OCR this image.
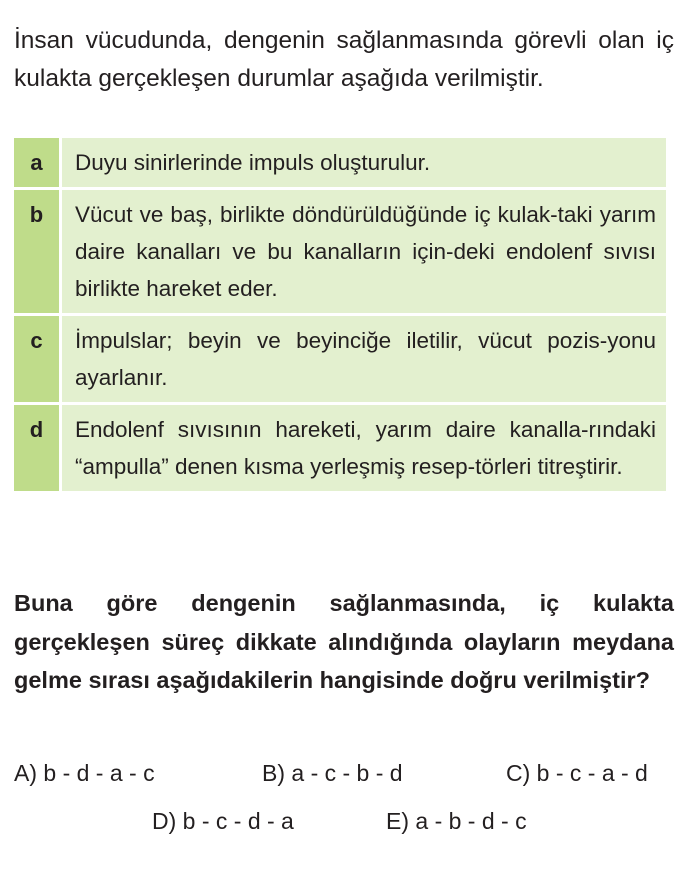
İnsan vücudunda, dengenin sağlanmasında görevli olan iç kulakta gerçekleşen durumlar aşağıda verilmiştir.
a	Duyu sinirlerinde impuls oluşturulur.
b	Vücut ve baş, birlikte döndürüldüğünde iç kulak-taki yarım daire kanalları ve bu kanalların için-deki endolenf sıvısı birlikte hareket eder.
c	İmpulslar; beyin ve beyinciğe iletilir, vücut pozis-yonu ayarlanır.
d	Endolenf sıvısının hareketi, yarım daire kanalla-rındaki “ampulla” denen kısma yerleşmiş resep-törleri titreştirir.
Buna göre dengenin sağlanmasında, iç kulakta gerçekleşen süreç dikkate alındığında olayların meydana gelme sırası aşağıdakilerin hangisinde doğru verilmiştir?
A) b - d - a - c	B) a - c - b - d	C) b - c - a - d
D) b - c - d - a	E) a - b - d - c
